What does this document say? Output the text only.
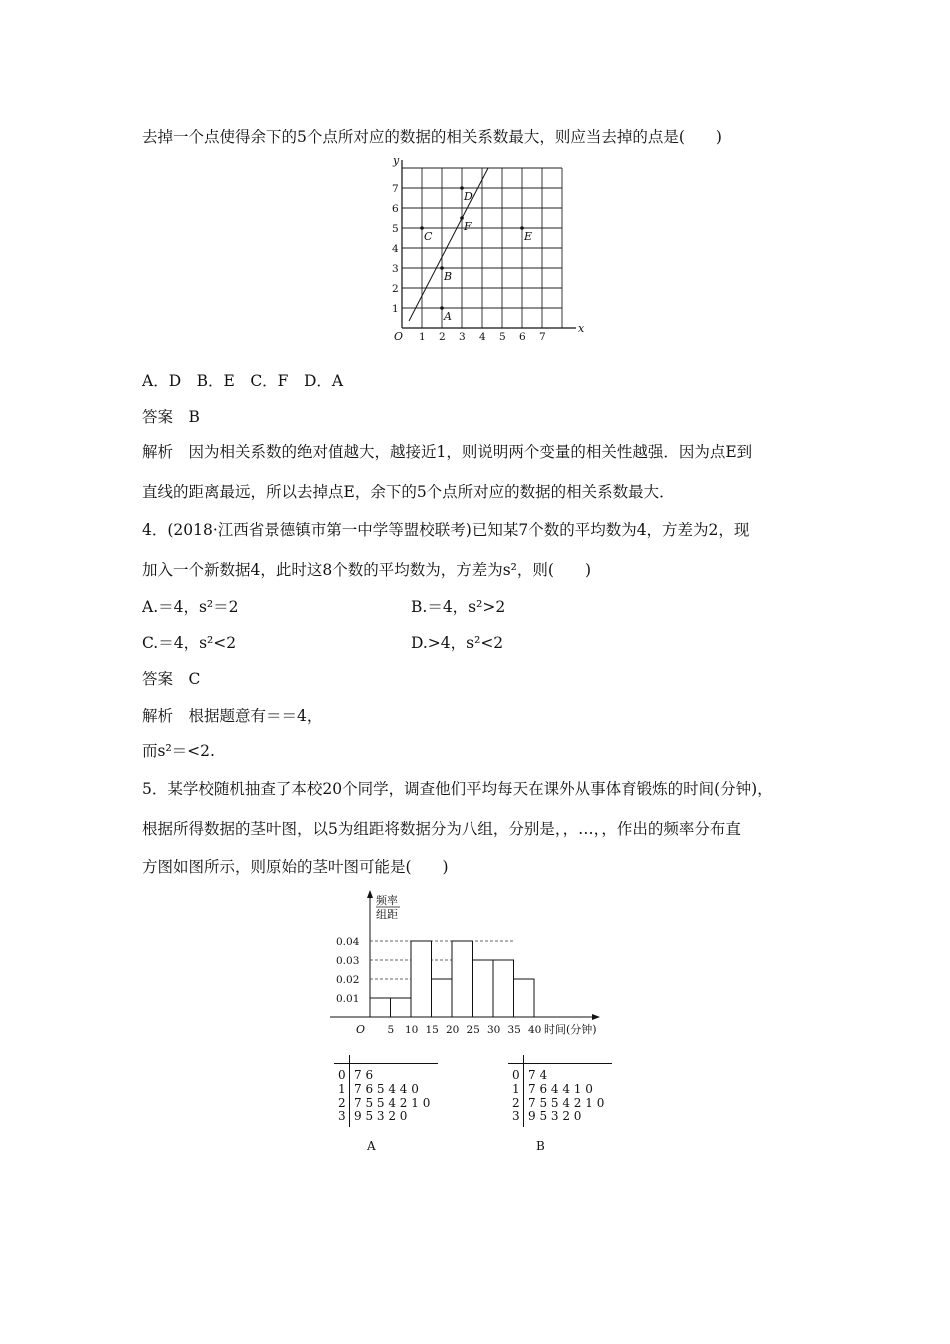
去掉一个点使得余下的5个点所对应的数据的相关系数最大，则应当去掉的点是(　　)
x
y
O 1 2 3 4 5 6 7
1
2
3
4
5
6
7
A
B
C
D
E
F
A．D　B．E　C．F　D．A
答案　B
解析　因为相关系数的绝对值越大，越接近1，则说明两个变量的相关性越强．因为点E到
直线的距离最远，所以去掉点E，余下的5个点所对应的数据的相关系数最大．
4．(2018·江西省景德镇市第一中学等盟校联考)已知某7个数的平均数为4，方差为2，现
加入一个新数据4，此时这8个数的平均数为，方差为s²，则(　　)
A.＝4，s²＝2	B.＝4，s²>2
C.＝4，s²<2	D.>4，s²<2
答案　C
解析　根据题意有＝＝4，
而s²＝<2.
5．某学校随机抽查了本校20个同学，调查他们平均每天在课外从事体育锻炼的时间(分钟)，
根据所得数据的茎叶图，以5为组距将数据分为八组，分别是，，…，，作出的频率分布直
方图如图所示，则原始的茎叶图可能是(　　)
频率
组距
0.01
0.02
0.03
0.04
5 10 15 20 25 30 35 40
O	时间(分钟)
0 7 6
1 7 6 5 4 4 0
2 7 5 5 4 2 1 0
3 9 5 3 2 0
A
0 7 4
1 7 6 4 4 1 0
2 7 5 5 4 2 1 0
3 9 5 3 2 0
B
